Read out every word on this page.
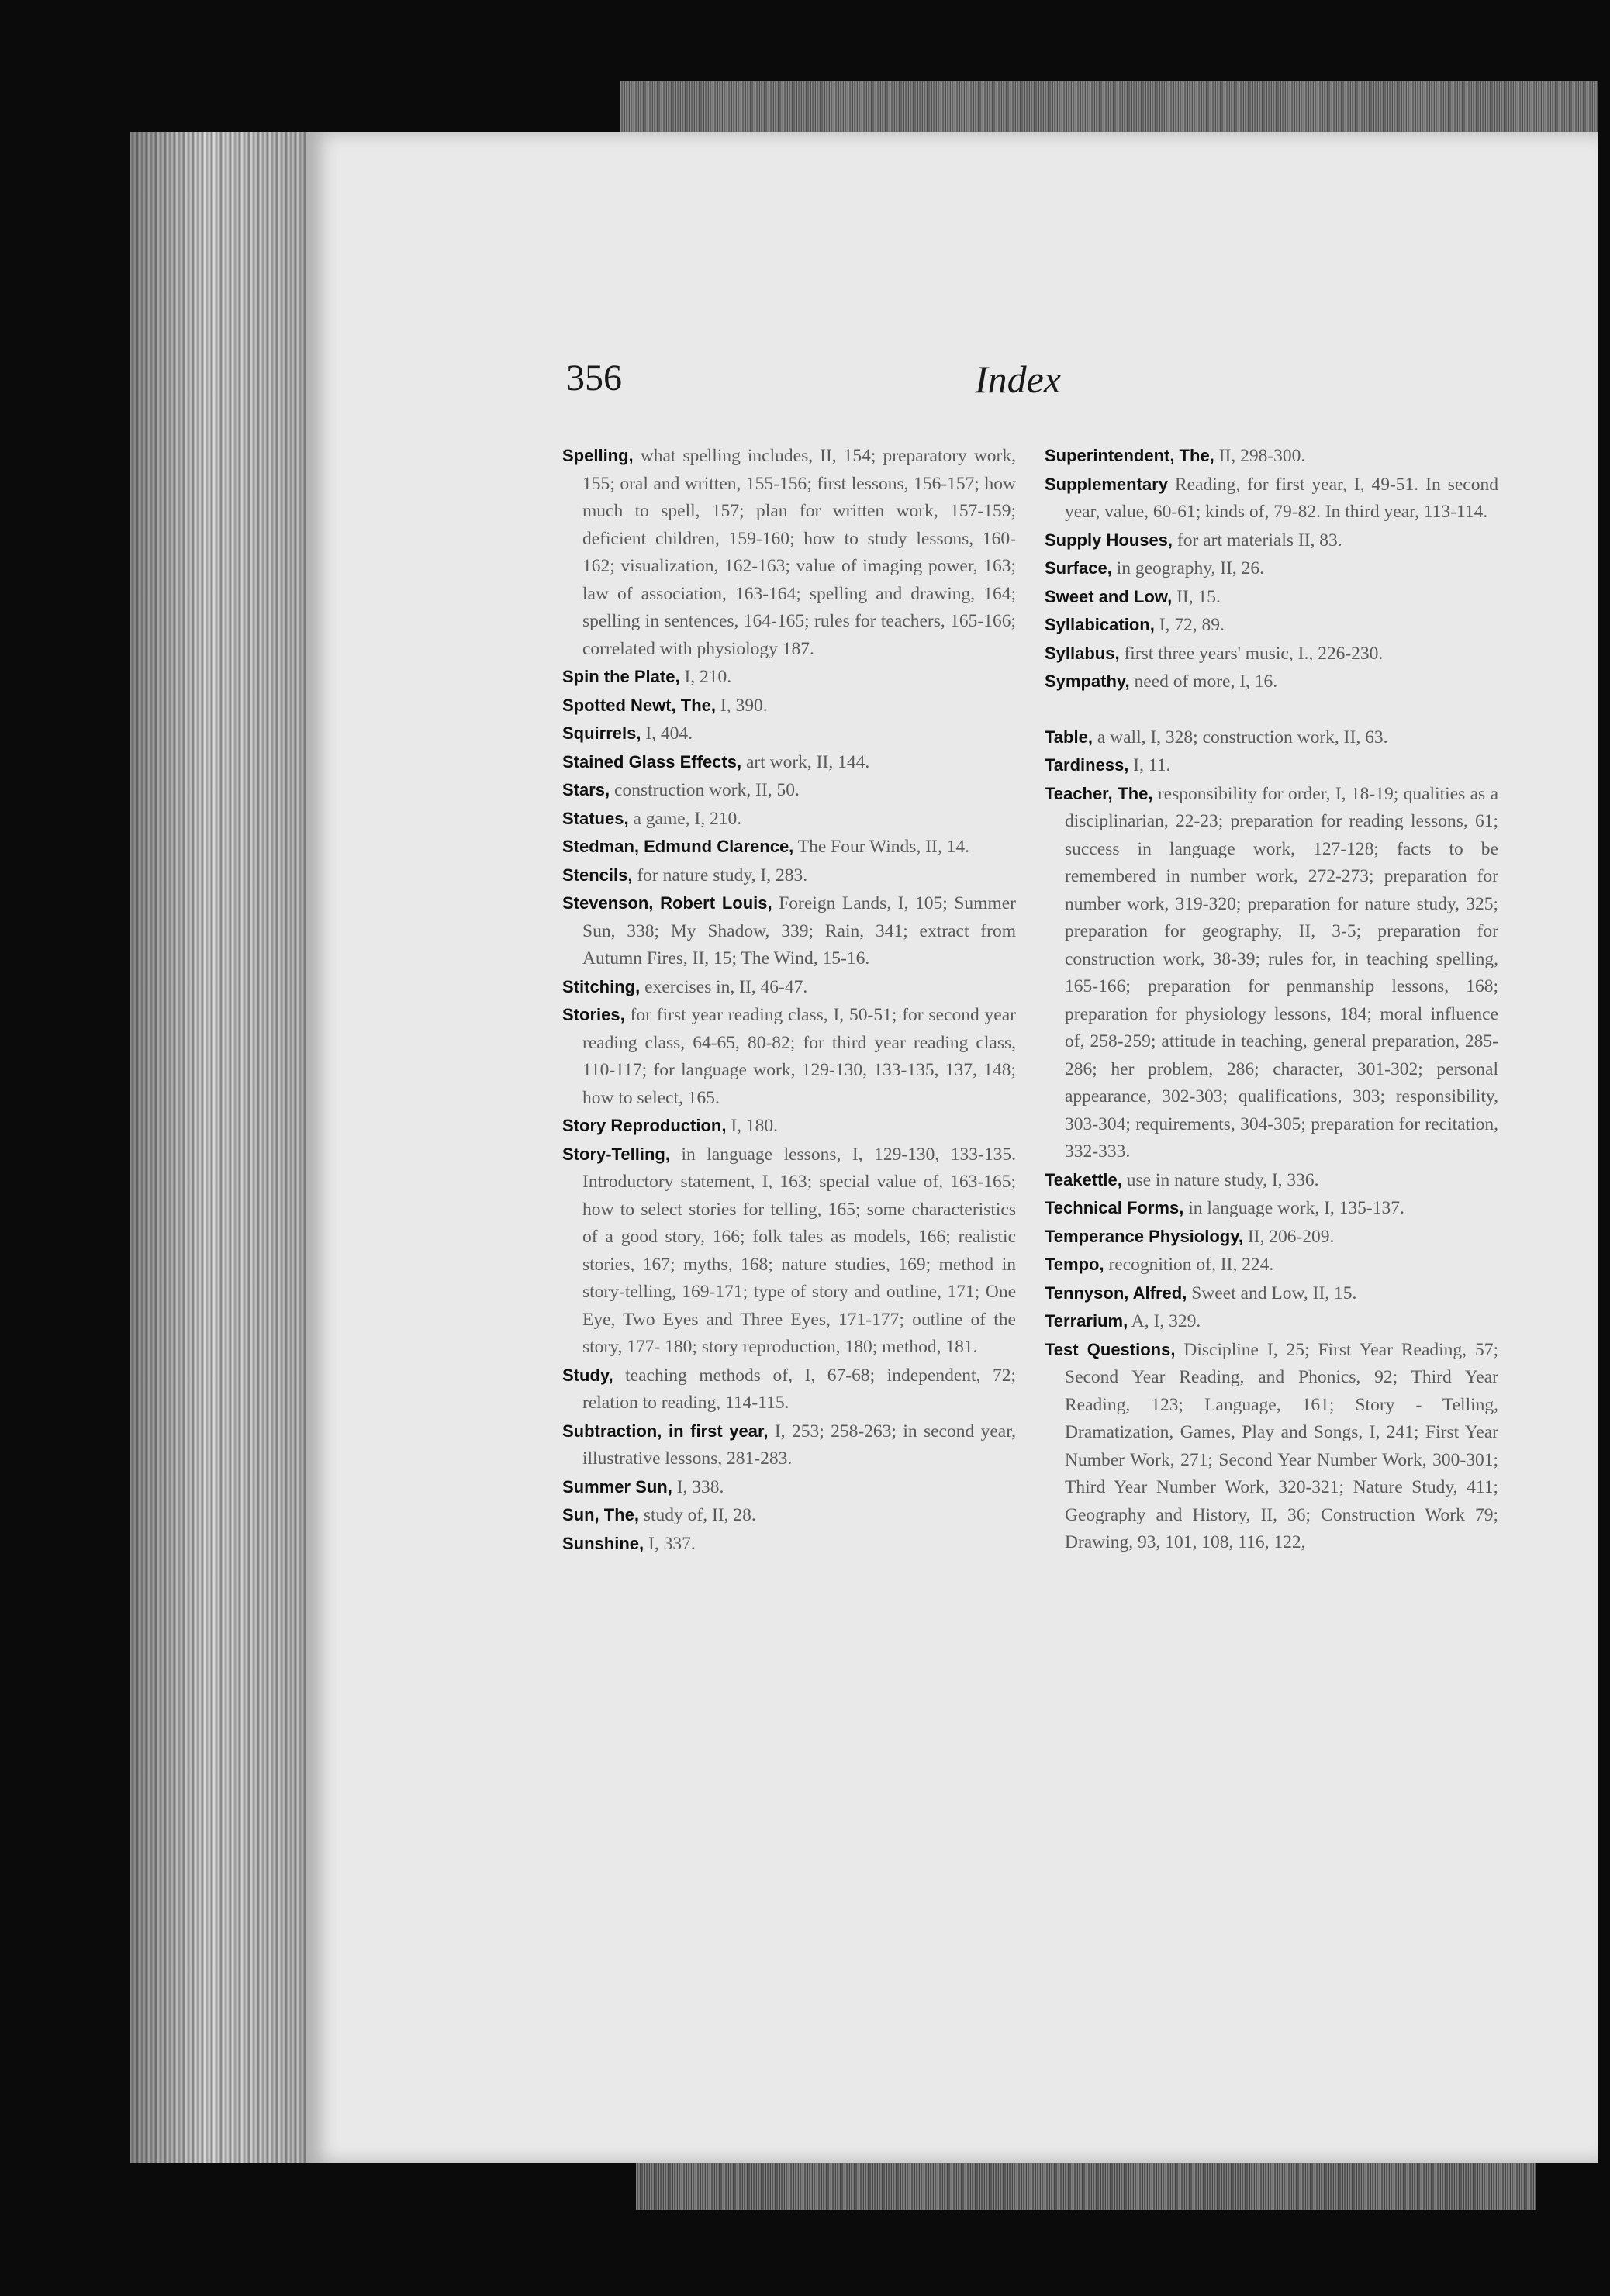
356	Index

Spelling, what spelling includes, II, 154; preparatory work, 155; oral and written, 155-156; first lessons, 156-157; how much to spell, 157; plan for written work, 157-159; deficient children, 159-160; how to study lessons, 160-162; visualization, 162-163; value of imaging power, 163; law of association, 163-164; spelling and drawing, 164; spelling in sentences, 164-165; rules for teachers, 165-166; correlated with physiology 187.

Spin the Plate, I, 210.

Spotted Newt, The, I, 390.

Squirrels, I, 404.

Stained Glass Effects, art work, II, 144.

Stars, construction work, II, 50.

Statues, a game, I, 210.

Stedman, Edmund Clarence, The Four Winds, II, 14.

Stencils, for nature study, I, 283.

Stevenson, Robert Louis, Foreign Lands, I, 105; Summer Sun, 338; My Shadow, 339; Rain, 341; extract from Autumn Fires, II, 15; The Wind, 15-16.

Stitching, exercises in, II, 46-47.

Stories, for first year reading class, I, 50-51; for second year reading class, 64-65, 80-82; for third year reading class, 110-117; for language work, 129-130, 133-135, 137, 148; how to select, 165.

Story Reproduction, I, 180.

Story-Telling, in language lessons, I, 129-130, 133-135. Introductory statement, I, 163; special value of, 163-165; how to select stories for telling, 165; some characteristics of a good story, 166; folk tales as models, 166; realistic stories, 167; myths, 168; nature studies, 169; method in story-telling, 169-171; type of story and outline, 171; One Eye, Two Eyes and Three Eyes, 171-177; outline of the story, 177- 180; story reproduction, 180; method, 181.

Study, teaching methods of, I, 67-68; independent, 72; relation to reading, 114-115.

Subtraction, in first year, I, 253; 258-263; in second year, illustrative lessons, 281-283.

Summer Sun, I, 338.

Sun, The, study of, II, 28.

Sunshine, I, 337.

Superintendent, The, II, 298-300.

Supplementary Reading, for first year, I, 49-51. In second year, value, 60-61; kinds of, 79-82. In third year, 113-114.

Supply Houses, for art materials II, 83.

Surface, in geography, II, 26.

Sweet and Low, II, 15.

Syllabication, I, 72, 89.

Syllabus, first three years' music, I., 226-230.

Sympathy, need of more, I, 16.

Table, a wall, I, 328; construction work, II, 63.

Tardiness, I, 11.

Teacher, The, responsibility for order, I, 18-19; qualities as a disciplinarian, 22-23; preparation for reading lessons, 61; success in language work, 127-128; facts to be remembered in number work, 272-273; preparation for number work, 319-320; preparation for nature study, 325; preparation for geography, II, 3-5; preparation for construction work, 38-39; rules for, in teaching spelling, 165-166; preparation for penmanship lessons, 168; preparation for physiology lessons, 184; moral influence of, 258-259; attitude in teaching, general preparation, 285-286; her problem, 286; character, 301-302; personal appearance, 302-303; qualifications, 303; responsibility, 303-304; requirements, 304-305; preparation for recitation, 332-333.

Teakettle, use in nature study, I, 336.

Technical Forms, in language work, I, 135-137.

Temperance Physiology, II, 206-209.

Tempo, recognition of, II, 224.

Tennyson, Alfred, Sweet and Low, II, 15.

Terrarium, A, I, 329.

Test Questions, Discipline I, 25; First Year Reading, 57; Second Year Reading, and Phonics, 92; Third Year Reading, 123; Language, 161; Story - Telling, Dramatization, Games, Play and Songs, I, 241; First Year Number Work, 271; Second Year Number Work, 300-301; Third Year Number Work, 320-321; Nature Study, 411; Geography and History, II, 36; Construction Work 79; Drawing, 93, 101, 108, 116, 122,
